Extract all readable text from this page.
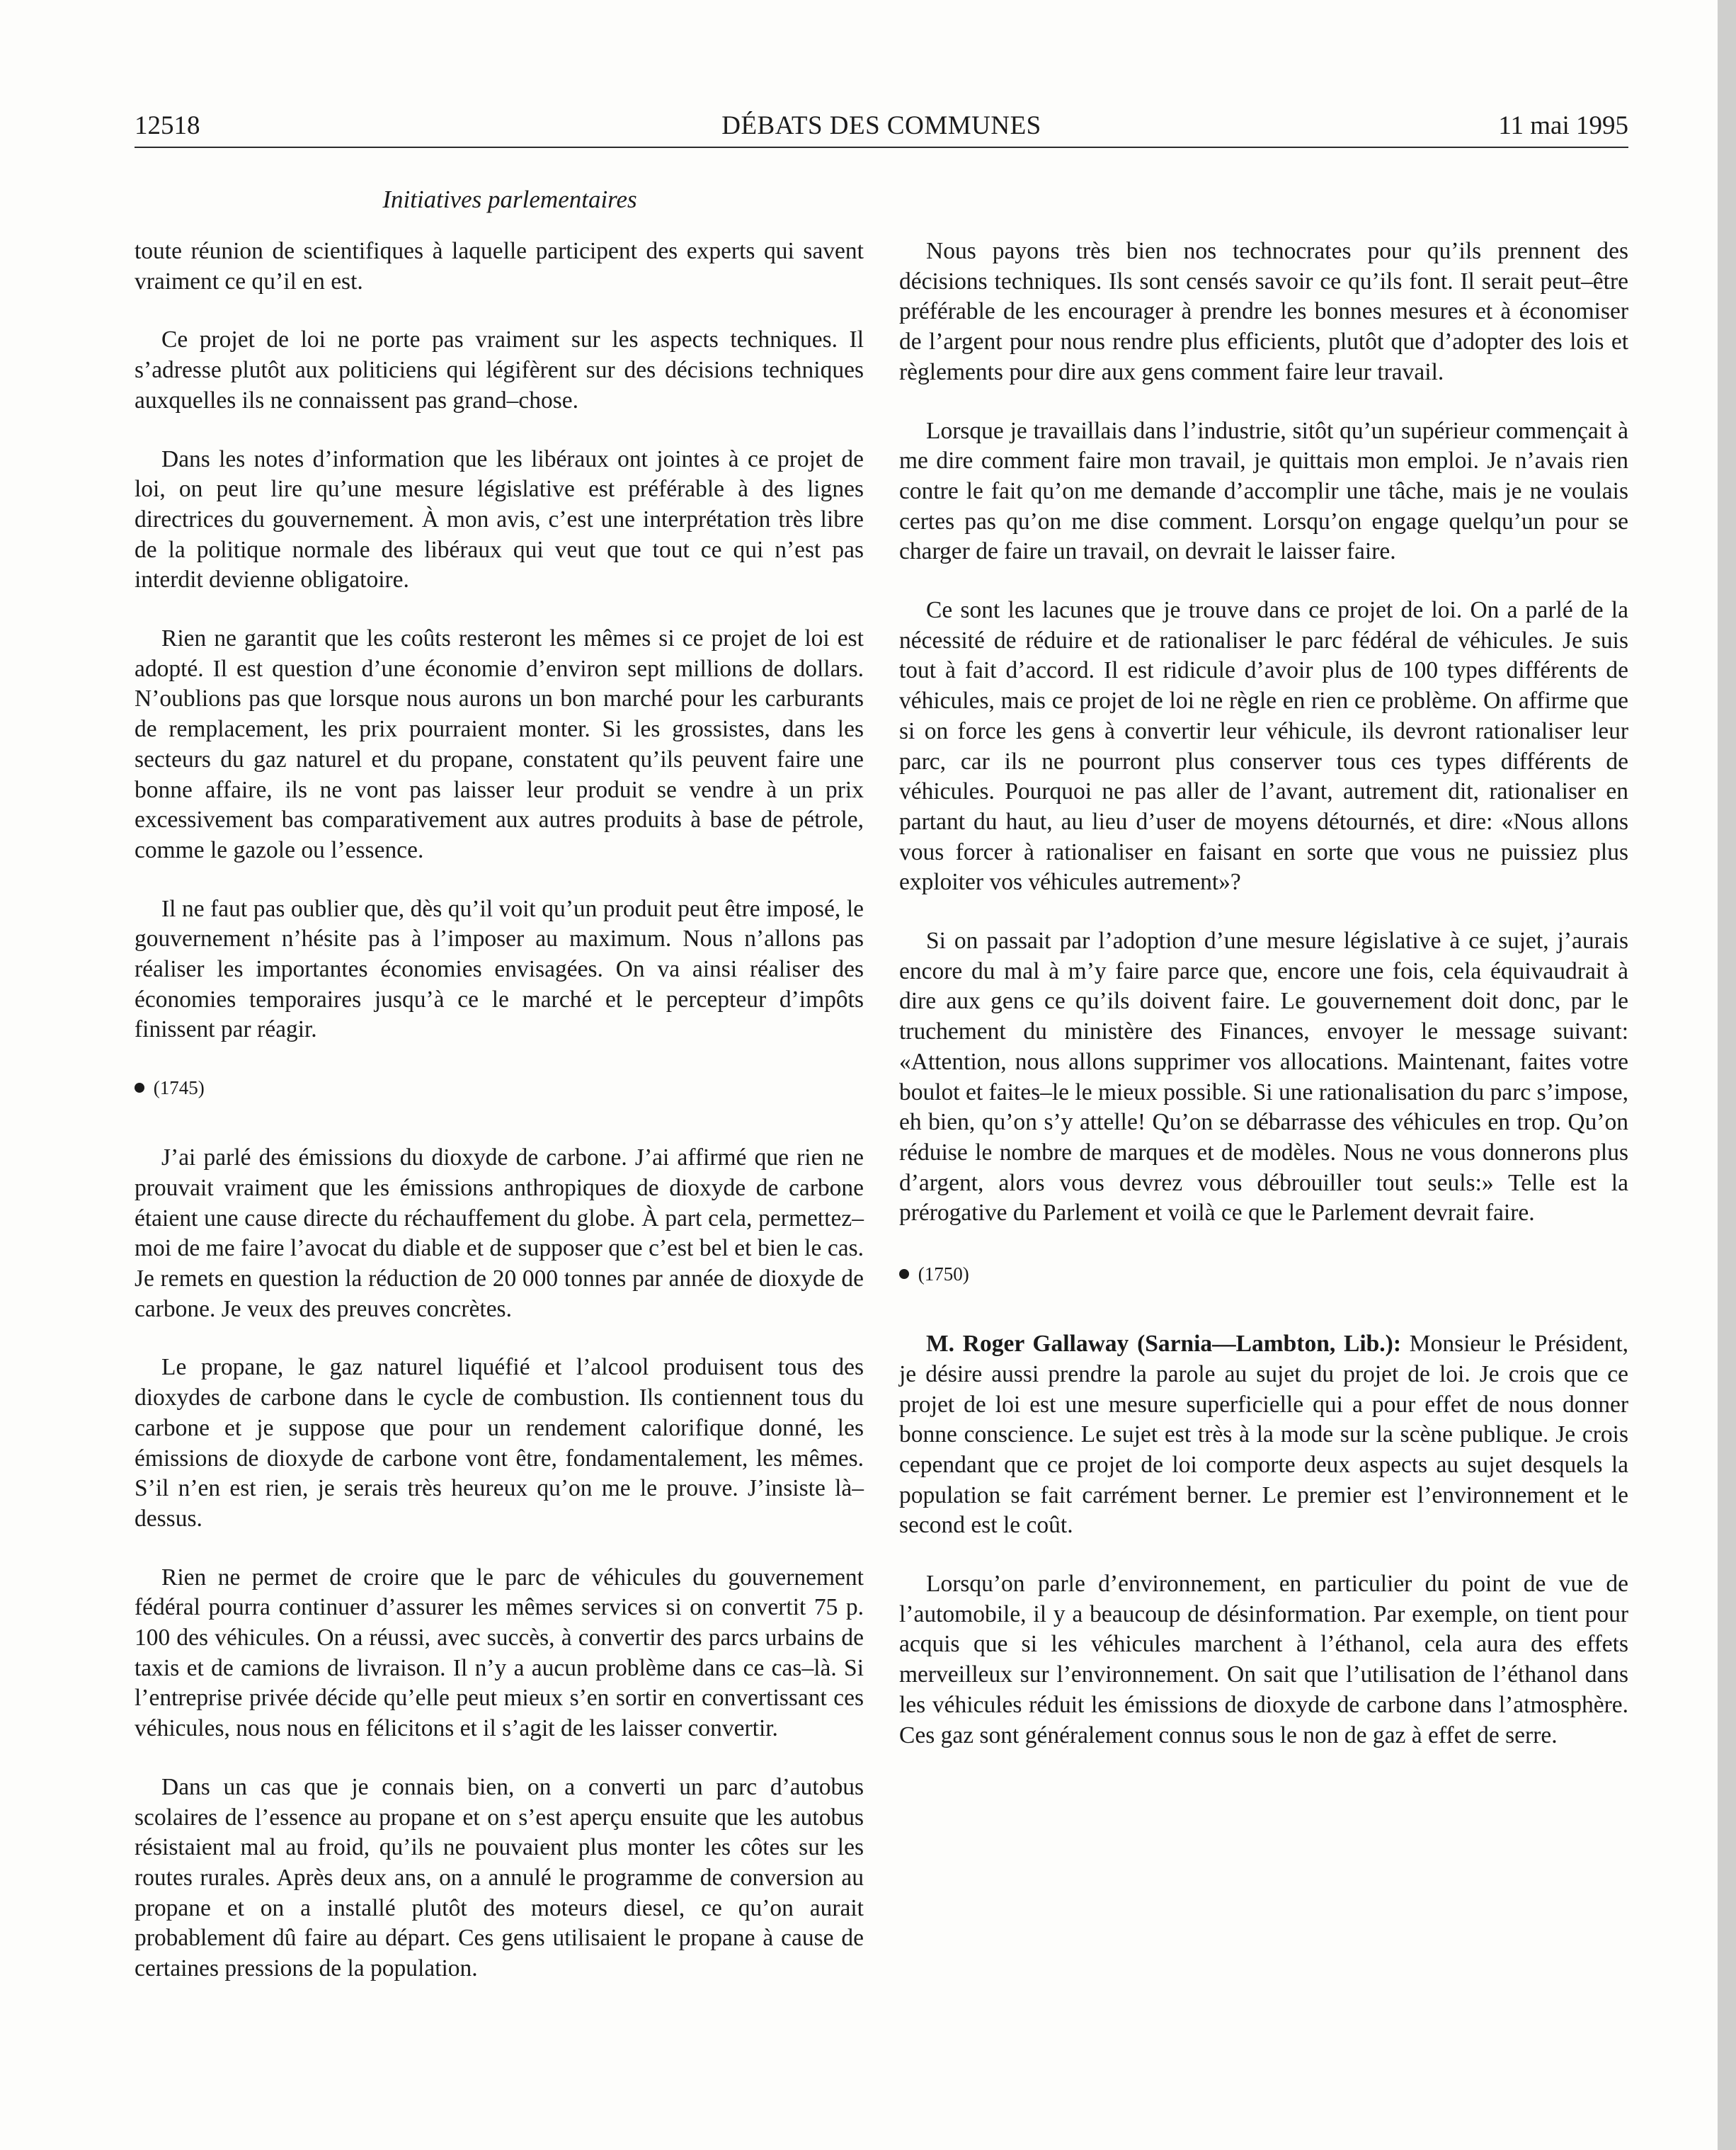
12518	DÉBATS DES COMMUNES	11 mai 1995
Initiatives parlementaires

toute réunion de scientifiques à laquelle participent des experts qui savent vraiment ce qu’il en est.

Ce projet de loi ne porte pas vraiment sur les aspects techniques. Il s’adresse plutôt aux politiciens qui légifèrent sur des décisions techniques auxquelles ils ne connaissent pas grand–chose.

Dans les notes d’information que les libéraux ont jointes à ce projet de loi, on peut lire qu’une mesure législative est préférable à des lignes directrices du gouvernement. À mon avis, c’est une interprétation très libre de la politique normale des libéraux qui veut que tout ce qui n’est pas interdit devienne obligatoire.

Rien ne garantit que les coûts resteront les mêmes si ce projet de loi est adopté. Il est question d’une économie d’environ sept millions de dollars. N’oublions pas que lorsque nous aurons un bon marché pour les carburants de remplacement, les prix pourraient monter. Si les grossistes, dans les secteurs du gaz naturel et du propane, constatent qu’ils peuvent faire une bonne affaire, ils ne vont pas laisser leur produit se vendre à un prix excessivement bas comparativement aux autres produits à base de pétrole, comme le gazole ou l’essence.

Il ne faut pas oublier que, dès qu’il voit qu’un produit peut être imposé, le gouvernement n’hésite pas à l’imposer au maximum. Nous n’allons pas réaliser les importantes économies envisagées. On va ainsi réaliser des économies temporaires jusqu’à ce le marché et le percepteur d’impôts finissent par réagir.

(1745)

J’ai parlé des émissions du dioxyde de carbone. J’ai affirmé que rien ne prouvait vraiment que les émissions anthropiques de dioxyde de carbone étaient une cause directe du réchauffement du globe. À part cela, permettez–moi de me faire l’avocat du diable et de supposer que c’est bel et bien le cas. Je remets en question la réduction de 20 000 tonnes par année de dioxyde de carbone. Je veux des preuves concrètes.

Le propane, le gaz naturel liquéfié et l’alcool produisent tous des dioxydes de carbone dans le cycle de combustion. Ils contiennent tous du carbone et je suppose que pour un rendement calorifique donné, les émissions de dioxyde de carbone vont être, fondamentalement, les mêmes. S’il n’en est rien, je serais très heureux qu’on me le prouve. J’insiste là–dessus.

Rien ne permet de croire que le parc de véhicules du gouvernement fédéral pourra continuer d’assurer les mêmes services si on convertit 75 p. 100 des véhicules. On a réussi, avec succès, à convertir des parcs urbains de taxis et de camions de livraison. Il n’y a aucun problème dans ce cas–là. Si l’entreprise privée décide qu’elle peut mieux s’en sortir en convertissant ces véhicules, nous nous en félicitons et il s’agit de les laisser convertir.

Dans un cas que je connais bien, on a converti un parc d’autobus scolaires de l’essence au propane et on s’est aperçu ensuite que les autobus résistaient mal au froid, qu’ils ne pouvaient plus monter les côtes sur les routes rurales. Après deux ans, on a annulé le programme de conversion au propane et on a installé plutôt des moteurs diesel, ce qu’on aurait probablement dû faire au départ. Ces gens utilisaient le propane à cause de certaines pressions de la population.

Nous payons très bien nos technocrates pour qu’ils prennent des décisions techniques. Ils sont censés savoir ce qu’ils font. Il serait peut–être préférable de les encourager à prendre les bonnes mesures et à économiser de l’argent pour nous rendre plus efficients, plutôt que d’adopter des lois et règlements pour dire aux gens comment faire leur travail.

Lorsque je travaillais dans l’industrie, sitôt qu’un supérieur commençait à me dire comment faire mon travail, je quittais mon emploi. Je n’avais rien contre le fait qu’on me demande d’accomplir une tâche, mais je ne voulais certes pas qu’on me dise comment. Lorsqu’on engage quelqu’un pour se charger de faire un travail, on devrait le laisser faire.

Ce sont les lacunes que je trouve dans ce projet de loi. On a parlé de la nécessité de réduire et de rationaliser le parc fédéral de véhicules. Je suis tout à fait d’accord. Il est ridicule d’avoir plus de 100 types différents de véhicules, mais ce projet de loi ne règle en rien ce problème. On affirme que si on force les gens à convertir leur véhicule, ils devront rationaliser leur parc, car ils ne pourront plus conserver tous ces types différents de véhicules. Pourquoi ne pas aller de l’avant, autrement dit, rationaliser en partant du haut, au lieu d’user de moyens détournés, et dire: «Nous allons vous forcer à rationaliser en faisant en sorte que vous ne puissiez plus exploiter vos véhicules autrement»?

Si on passait par l’adoption d’une mesure législative à ce sujet, j’aurais encore du mal à m’y faire parce que, encore une fois, cela équivaudrait à dire aux gens ce qu’ils doivent faire. Le gouvernement doit donc, par le truchement du ministère des Finances, envoyer le message suivant: «Attention, nous allons supprimer vos allocations. Maintenant, faites votre boulot et faites–le le mieux possible. Si une rationalisation du parc s’impose, eh bien, qu’on s’y attelle! Qu’on se débarrasse des véhicules en trop. Qu’on réduise le nombre de marques et de modèles. Nous ne vous donnerons plus d’argent, alors vous devrez vous débrouiller tout seuls:» Telle est la prérogative du Parlement et voilà ce que le Parlement devrait faire.

(1750)

M. Roger Gallaway (Sarnia—Lambton, Lib.): Monsieur le Président, je désire aussi prendre la parole au sujet du projet de loi. Je crois que ce projet de loi est une mesure superficielle qui a pour effet de nous donner bonne conscience. Le sujet est très à la mode sur la scène publique. Je crois cependant que ce projet de loi comporte deux aspects au sujet desquels la population se fait carrément berner. Le premier est l’environnement et le second est le coût.

Lorsqu’on parle d’environnement, en particulier du point de vue de l’automobile, il y a beaucoup de désinformation. Par exemple, on tient pour acquis que si les véhicules marchent à l’éthanol, cela aura des effets merveilleux sur l’environnement. On sait que l’utilisation de l’éthanol dans les véhicules réduit les émissions de dioxyde de carbone dans l’atmosphère. Ces gaz sont généralement connus sous le non de gaz à effet de serre.
